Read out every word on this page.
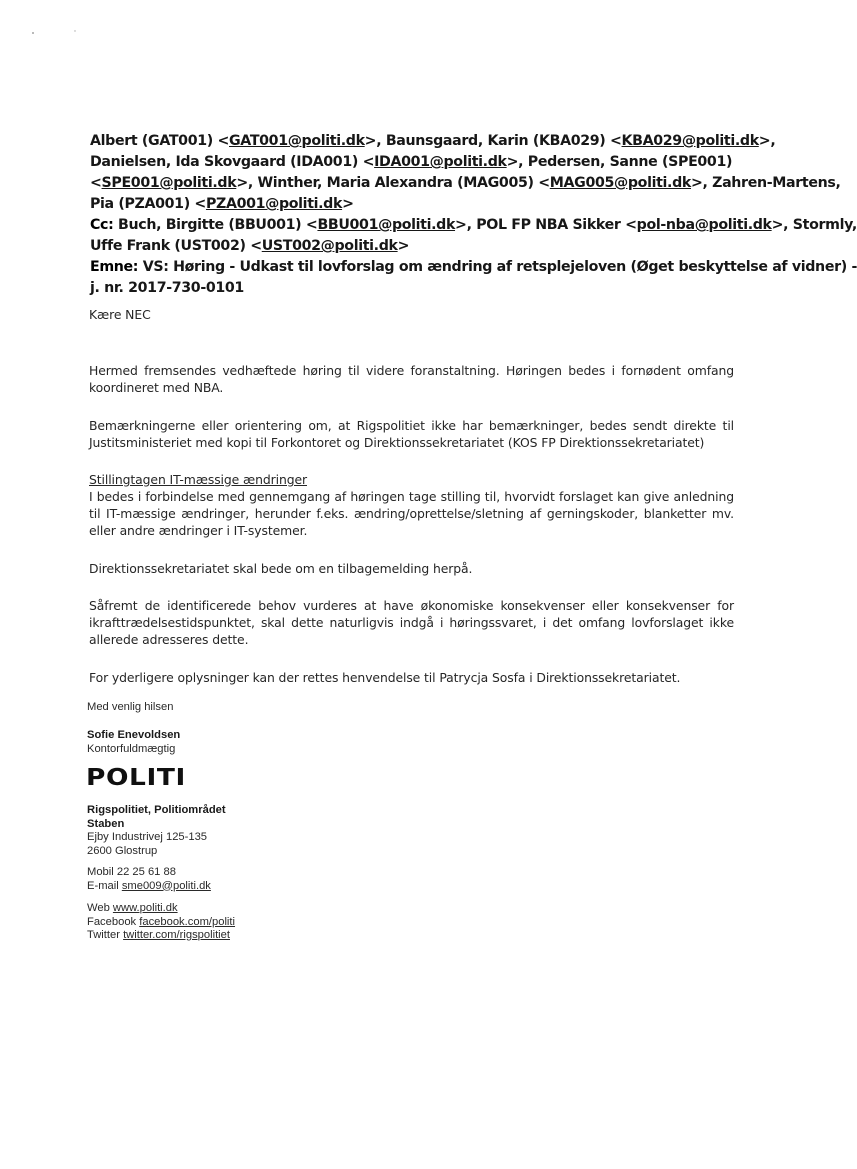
Albert (GAT001) <GAT001@politi.dk>, Baunsgaard, Karin (KBA029) <KBA029@politi.dk>,
Danielsen, Ida Skovgaard (IDA001) <IDA001@politi.dk>, Pedersen, Sanne (SPE001)
<SPE001@politi.dk>, Winther, Maria Alexandra (MAG005) <MAG005@politi.dk>, Zahren-Martens,
Pia (PZA001) <PZA001@politi.dk>
Cc: Buch, Birgitte (BBU001) <BBU001@politi.dk>, POL FP NBA Sikker <pol-nba@politi.dk>, Stormly,
Uffe Frank (UST002) <UST002@politi.dk>
Emne: VS: Høring - Udkast til lovforslag om ændring af retsplejeloven (Øget beskyttelse af vidner) -
j. nr. 2017-730-0101
Kære NEC
Hermed fremsendes vedhæftede høring til videre foranstaltning. Høringen bedes i fornødent omfang koordineret med NBA.
Bemærkningerne eller orientering om, at Rigspolitiet ikke har bemærkninger, bedes sendt direkte til Justitsministeriet med kopi til Forkontoret og Direktionssekretariatet (KOS FP Direktionssekretariatet)
Stillingtagen IT-mæssige ændringer
I bedes i forbindelse med gennemgang af høringen tage stilling til, hvorvidt forslaget kan give anledning til IT-mæssige ændringer, herunder f.eks. ændring/oprettelse/sletning af gerningskoder, blanketter mv. eller andre ændringer i IT-systemer.
Direktionssekretariatet skal bede om en tilbagemelding herpå.
Såfremt de identificerede behov vurderes at have økonomiske konsekvenser eller konsekvenser for ikrafttrædelsestidspunktet, skal dette naturligvis indgå i høringssvaret, i det omfang lovforslaget ikke allerede adresseres dette.
For yderligere oplysninger kan der rettes henvendelse til Patrycja Sosfa i Direktionssekretariatet.
Med venlig hilsen
Sofie Enevoldsen
Kontorfuldmægtig
POLITI
Rigspolitiet, Politiområdet
Staben
Ejby Industrivej 125-135
2600 Glostrup
Mobil 22 25 61 88
E-mail sme009@politi.dk
Web www.politi.dk
Facebook facebook.com/politi
Twitter twitter.com/rigspolitiet
